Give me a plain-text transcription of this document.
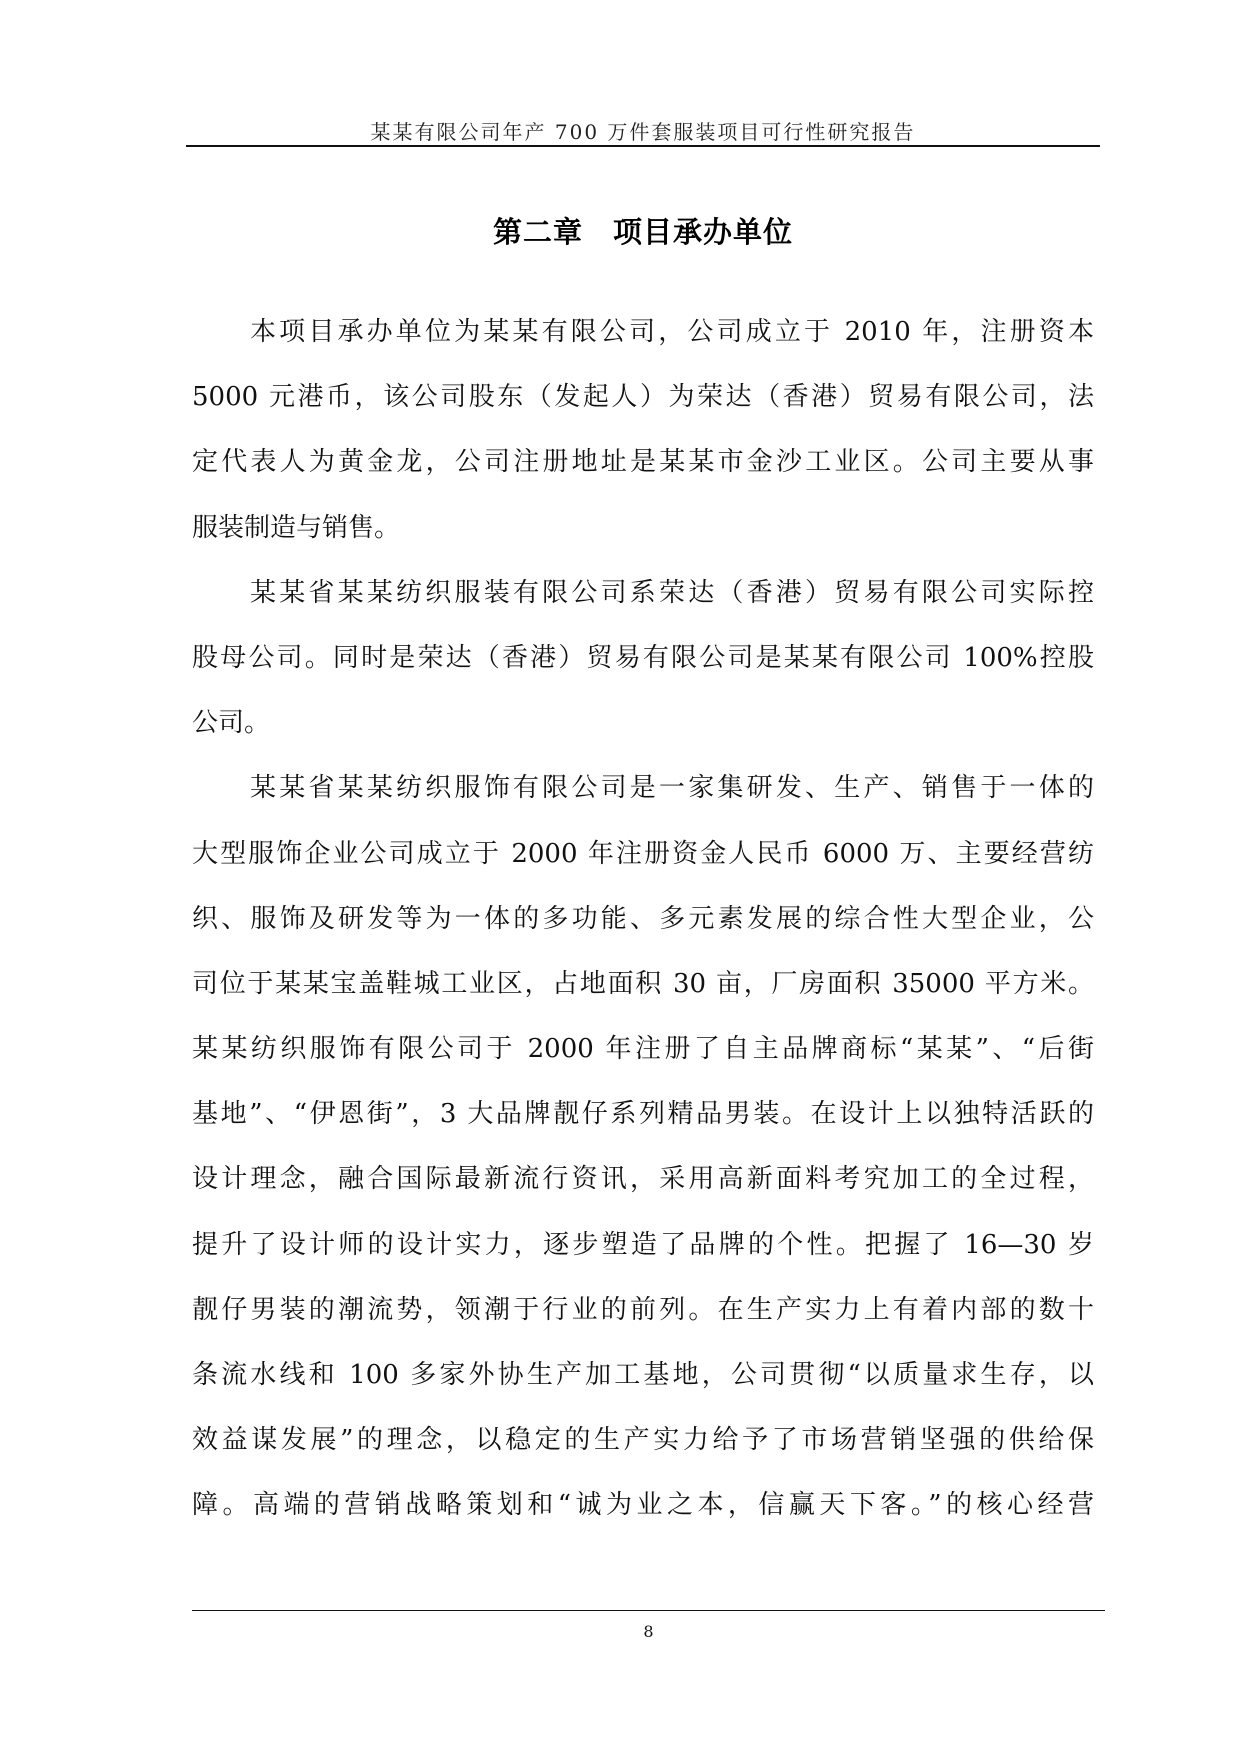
某某有限公司年产 700 万件套服装项目可行性研究报告
第二章　项目承办单位
本项目承办单位为某某有限公司，公司成立于 2010 年，注册资本
5000 元港币，该公司股东（发起人）为荣达（香港）贸易有限公司，法
定代表人为黄金龙，公司注册地址是某某市金沙工业区。公司主要从事
服装制造与销售。
某某省某某纺织服装有限公司系荣达（香港）贸易有限公司实际控
股母公司。同时是荣达（香港）贸易有限公司是某某有限公司 100%控股
公司。
某某省某某纺织服饰有限公司是一家集研发、生产、销售于一体的
大型服饰企业公司成立于 2000 年注册资金人民币 6000 万、主要经营纺
织、服饰及研发等为一体的多功能、多元素发展的综合性大型企业，公
司位于某某宝盖鞋城工业区，占地面积 30 亩，厂房面积 35000 平方米。
某某纺织服饰有限公司于 2000 年注册了自主品牌商标“某某”、“后街
基地”、“伊恩街”，3 大品牌靓仔系列精品男装。在设计上以独特活跃的
设计理念，融合国际最新流行资讯，采用高新面料考究加工的全过程，
提升了设计师的设计实力，逐步塑造了品牌的个性。把握了 16—30 岁
靓仔男装的潮流势，领潮于行业的前列。在生产实力上有着内部的数十
条流水线和 100 多家外协生产加工基地，公司贯彻“以质量求生存，以
效益谋发展”的理念，以稳定的生产实力给予了市场营销坚强的供给保
障。高端的营销战略策划和“诚为业之本，信赢天下客。”的核心经营
8
